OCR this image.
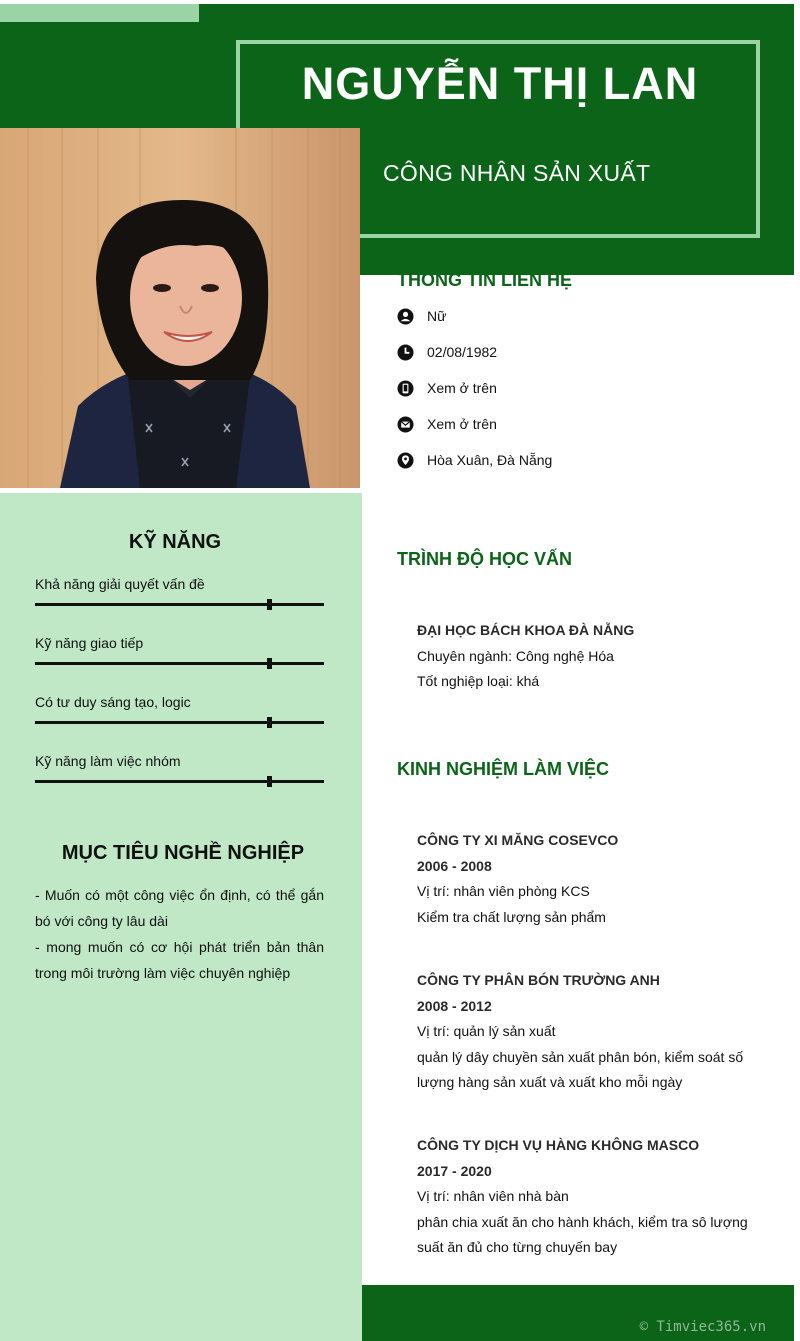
NGUYỄN THỊ LAN
CÔNG NHÂN SẢN XUẤT
KỸ NĂNG
Khả năng giải quyết vấn đề
Kỹ năng giao tiếp
Có tư duy sáng tạo, logic
Kỹ năng làm việc nhóm
MỤC TIÊU NGHỀ NGHIỆP
- Muốn có một công việc ổn định, có thể gắn bó với công ty lâu dài
- mong muốn có cơ hội phát triển bản thân trong môi trường làm việc chuyên nghiệp
THÔNG TIN LIÊN HỆ
Nữ
02/08/1982
Xem ở trên
Xem ở trên
Hòa Xuân, Đà Nẵng
TRÌNH ĐỘ HỌC VẤN
ĐẠI HỌC BÁCH KHOA ĐÀ NẴNG
Chuyên ngành: Công nghệ Hóa
Tốt nghiệp loại: khá
KINH NGHIỆM LÀM VIỆC
CÔNG TY XI MĂNG COSEVCO
2006 - 2008
Vị trí: nhân viên phòng KCS
Kiểm tra chất lượng sản phẩm
CÔNG TY PHÂN BÓN TRƯỜNG ANH
2008 - 2012
Vị trí: quản lý sản xuất
quản lý dây chuyền sản xuất phân bón, kiểm soát số lượng hàng sản xuất và xuất kho mỗi ngày
CÔNG TY DỊCH VỤ HÀNG KHÔNG MASCO
2017 - 2020
Vị trí: nhân viên nhà bàn
phân chia xuất ăn cho hành khách, kiểm tra sô lượng suất ăn đủ cho từng chuyến bay
© Timviec365.vn
